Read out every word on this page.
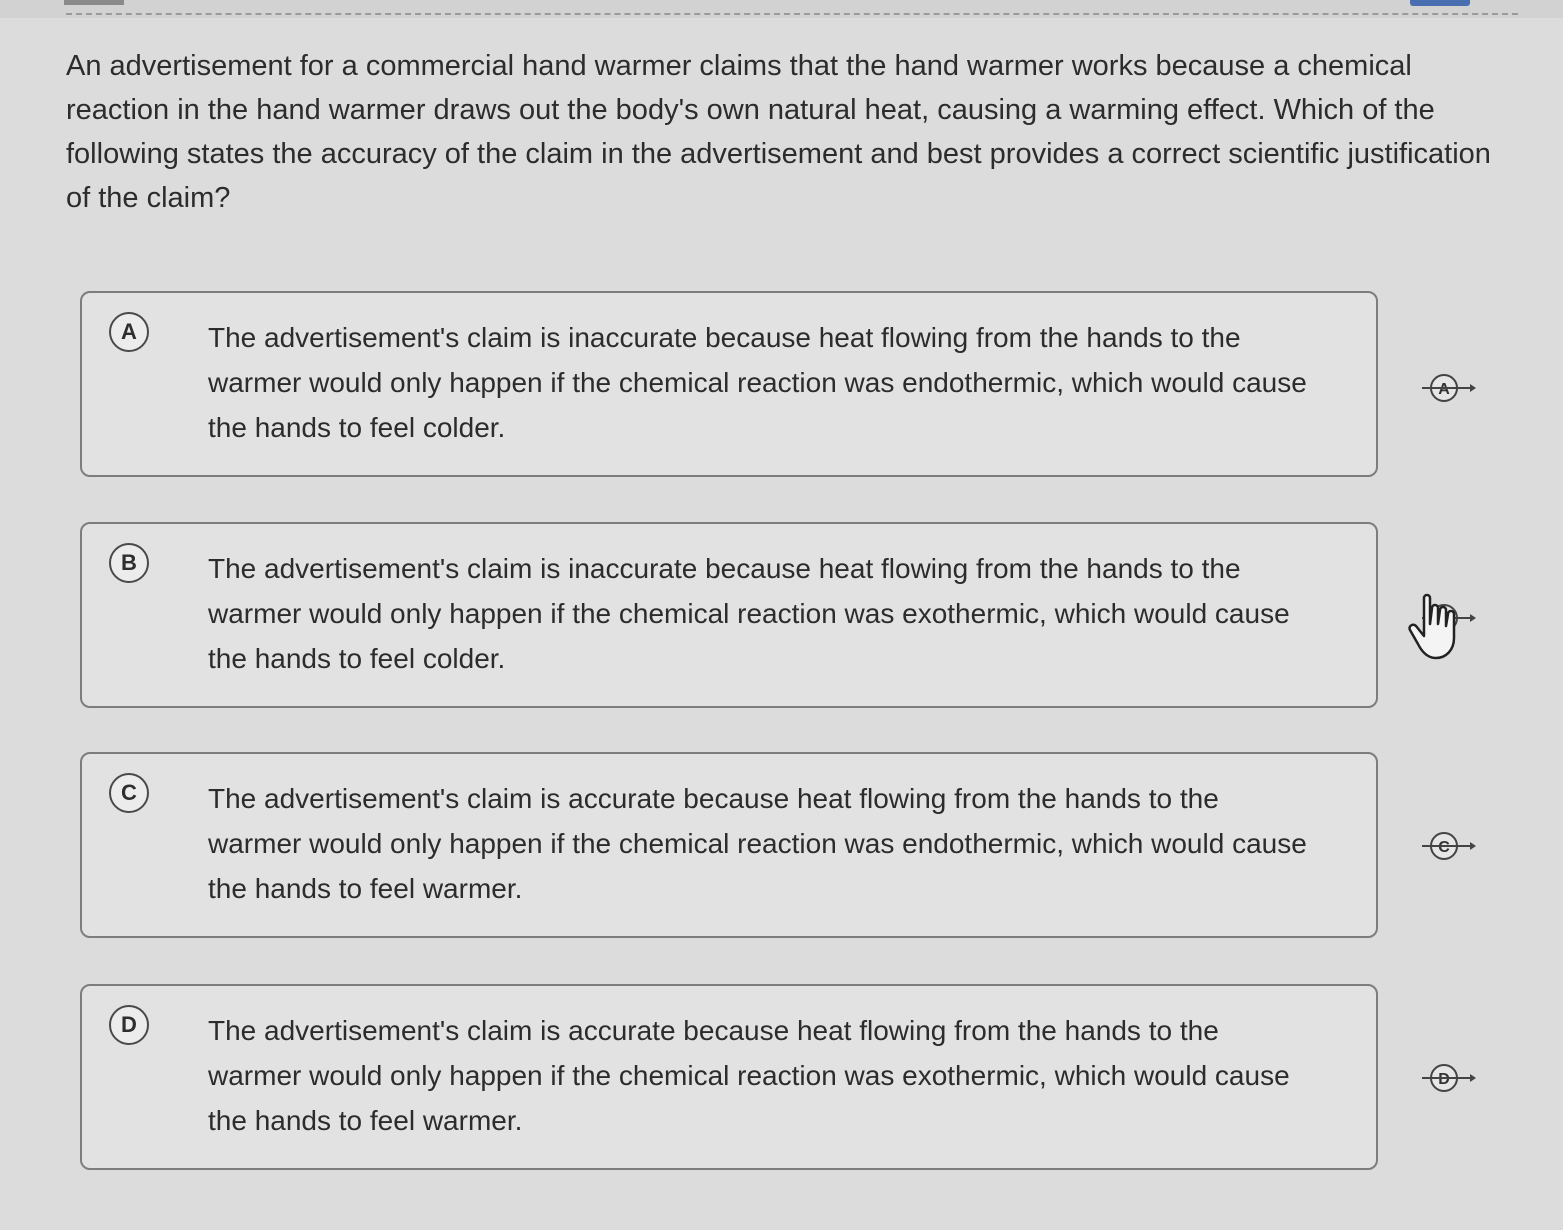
An advertisement for a commercial hand warmer claims that the hand warmer works because a chemical reaction in the hand warmer draws out the body's own natural heat, causing a warming effect. Which of the following states the accuracy of the claim in the advertisement and best provides a correct scientific justification of the claim?

A	The advertisement's claim is inaccurate because heat flowing from the hands to the warmer would only happen if the chemical reaction was endothermic, which would cause the hands to feel colder.

B	The advertisement's claim is inaccurate because heat flowing from the hands to the warmer would only happen if the chemical reaction was exothermic, which would cause the hands to feel colder.

C	The advertisement's claim is accurate because heat flowing from the hands to the warmer would only happen if the chemical reaction was endothermic, which would cause the hands to feel warmer.

D	The advertisement's claim is accurate because heat flowing from the hands to the warmer would only happen if the chemical reaction was exothermic, which would cause the hands to feel warmer.

A
C
D
